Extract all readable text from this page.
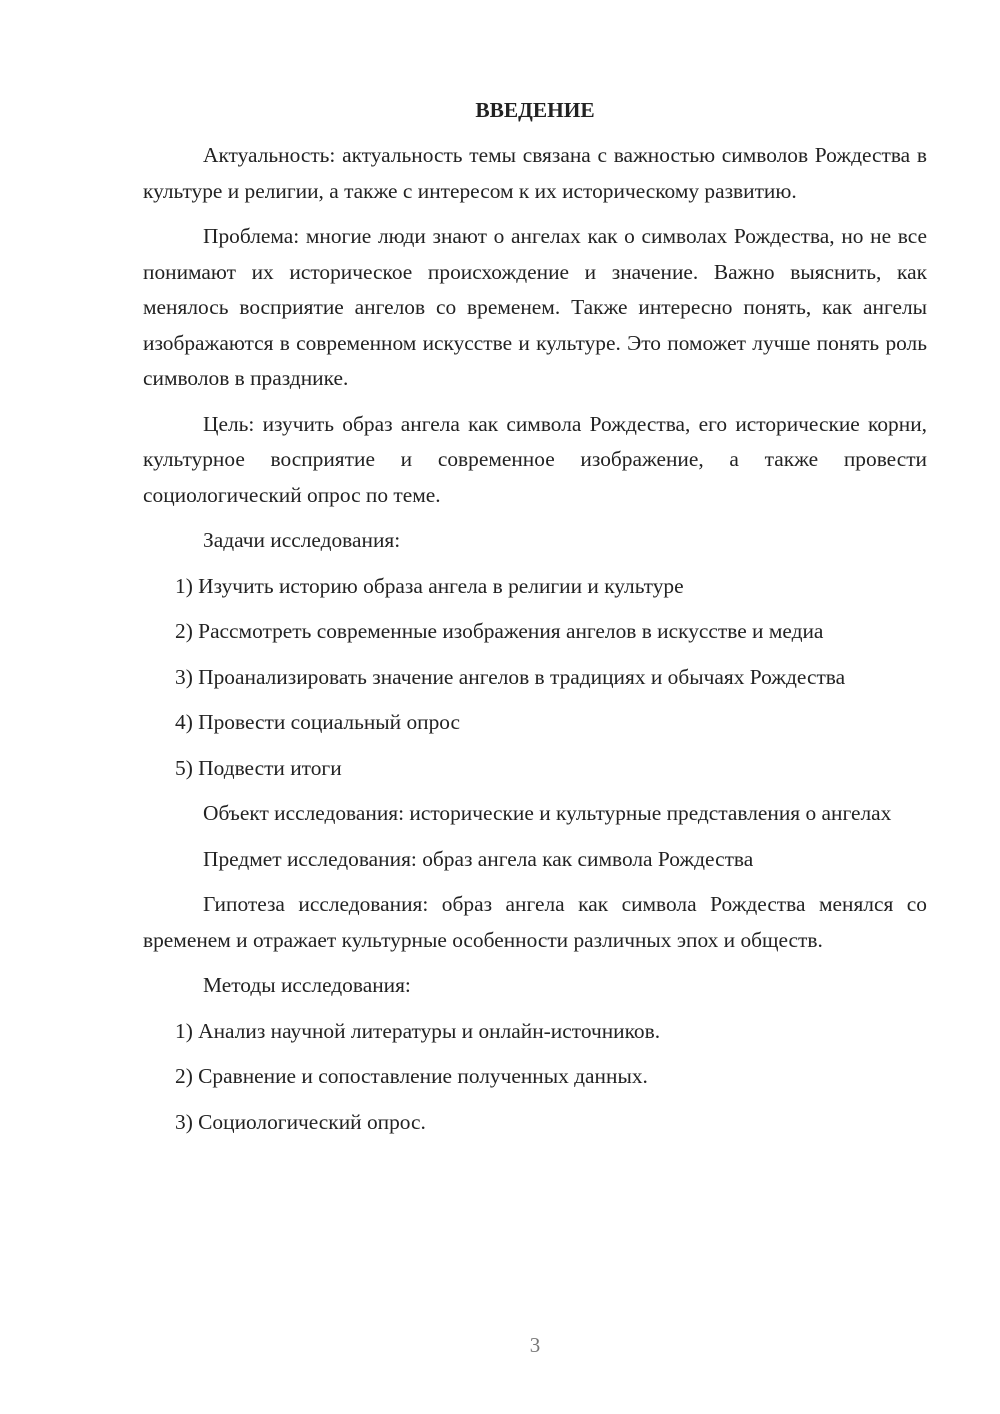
ВВЕДЕНИЕ

Актуальность: актуальность темы связана с важностью символов Рождества в культуре и религии, а также с интересом к их историческому развитию.

Проблема: многие люди знают о ангелах как о символах Рождества, но не все понимают их историческое происхождение и значение. Важно выяснить, как менялось восприятие ангелов со временем. Также интересно понять, как ангелы изображаются в современном искусстве и культуре. Это поможет лучше понять роль символов в празднике.

Цель: изучить образ ангела как символа Рождества, его исторические корни, культурное восприятие и современное изображение, а также провести социологический опрос по теме.

Задачи исследования:

1) Изучить историю образа ангела в религии и культуре

2) Рассмотреть современные изображения ангелов в искусстве и медиа

3) Проанализировать значение ангелов в традициях и обычаях Рождества

4) Провести социальный опрос

5) Подвести итоги

Объект исследования: исторические и культурные представления о ангелах

Предмет исследования: образ ангела как символа Рождества

Гипотеза исследования: образ ангела как символа Рождества менялся со временем и отражает культурные особенности различных эпох и обществ.

Методы исследования:

1) Анализ научной литературы и онлайн-источников.

2) Сравнение и сопоставление полученных данных.

3) Социологический опрос.

3
